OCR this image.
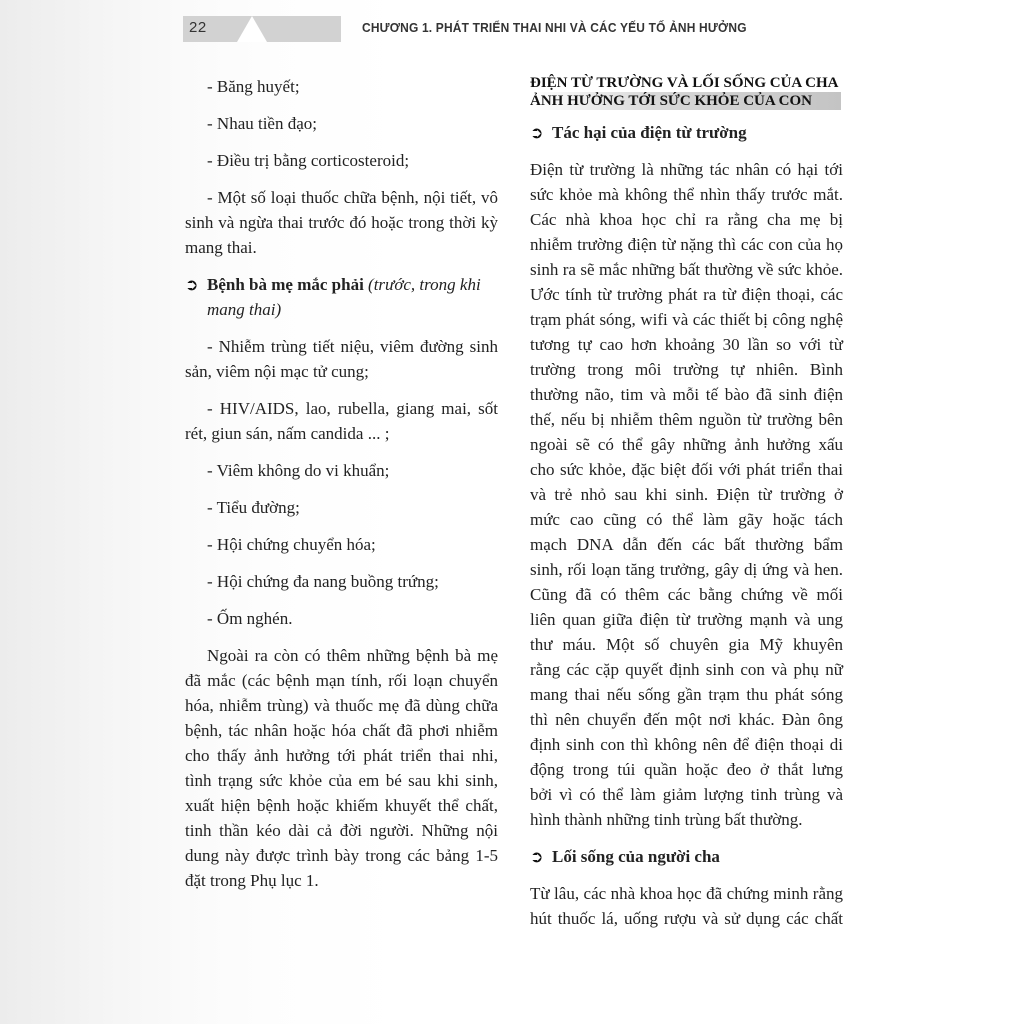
22	CHƯƠNG 1. PHÁT TRIỂN THAI NHI VÀ CÁC YẾU TỐ ẢNH HƯỞNG
- Băng huyết;
- Nhau tiền đạo;
- Điều trị bằng corticosteroid;
- Một số loại thuốc chữa bệnh, nội tiết, vô
sinh và ngừa thai trước đó hoặc trong thời kỳ
mang thai.
➲ Bệnh bà mẹ mắc phải (trước, trong khi
mang thai)
- Nhiễm trùng tiết niệu, viêm đường sinh
sản, viêm nội mạc tử cung;
- HIV/AIDS, lao, rubella, giang mai, sốt
rét, giun sán, nấm candida ... ;
- Viêm không do vi khuẩn;
- Tiểu đường;
- Hội chứng chuyển hóa;
- Hội chứng đa nang buồng trứng;
- Ốm nghén.
Ngoài ra còn có thêm những bệnh bà mẹ
đã mắc (các bệnh mạn tính, rối loạn chuyển
hóa, nhiễm trùng) và thuốc mẹ đã dùng chữa
bệnh, tác nhân hoặc hóa chất đã phơi nhiễm
cho thấy ảnh hưởng tới phát triển thai nhi,
tình trạng sức khỏe của em bé sau khi sinh,
xuất hiện bệnh hoặc khiếm khuyết thể chất,
tinh thần kéo dài cả đời người. Những nội
dung này được trình bày trong các bảng 1-5
đặt trong Phụ lục 1.
ĐIỆN TỪ TRƯỜNG VÀ LỐI SỐNG CỦA CHA
ẢNH HƯỞNG TỚI SỨC KHỎE CỦA CON
➲ Tác hại của điện từ trường
Điện từ trường là những tác nhân có hại tới
sức khỏe mà không thể nhìn thấy trước mắt.
Các nhà khoa học chỉ ra rằng cha mẹ bị
nhiễm trường điện từ nặng thì các con của họ
sinh ra sẽ mắc những bất thường về sức khỏe.
Ước tính từ trường phát ra từ điện thoại, các
trạm phát sóng, wifi và các thiết bị công nghệ
tương tự cao hơn khoảng 30 lần so với từ
trường trong môi trường tự nhiên. Bình
thường não, tim và mỗi tế bào đã sinh điện
thế, nếu bị nhiễm thêm nguồn từ trường bên
ngoài sẽ có thể gây những ảnh hưởng xấu
cho sức khỏe, đặc biệt đối với phát triển thai
và trẻ nhỏ sau khi sinh. Điện từ trường ở
mức cao cũng có thể làm gãy hoặc tách
mạch DNA dẫn đến các bất thường bẩm
sinh, rối loạn tăng trưởng, gây dị ứng và hen.
Cũng đã có thêm các bằng chứng về mối
liên quan giữa điện từ trường mạnh và ung
thư máu. Một số chuyên gia Mỹ khuyên
rằng các cặp quyết định sinh con và phụ nữ
mang thai nếu sống gần trạm thu phát sóng
thì nên chuyển đến một nơi khác. Đàn ông
định sinh con thì không nên để điện thoại di
động trong túi quần hoặc đeo ở thắt lưng
bởi vì có thể làm giảm lượng tinh trùng và
hình thành những tinh trùng bất thường.
➲ Lối sống của người cha
Từ lâu, các nhà khoa học đã chứng minh rằng
hút thuốc lá, uống rượu và sử dụng các chất
